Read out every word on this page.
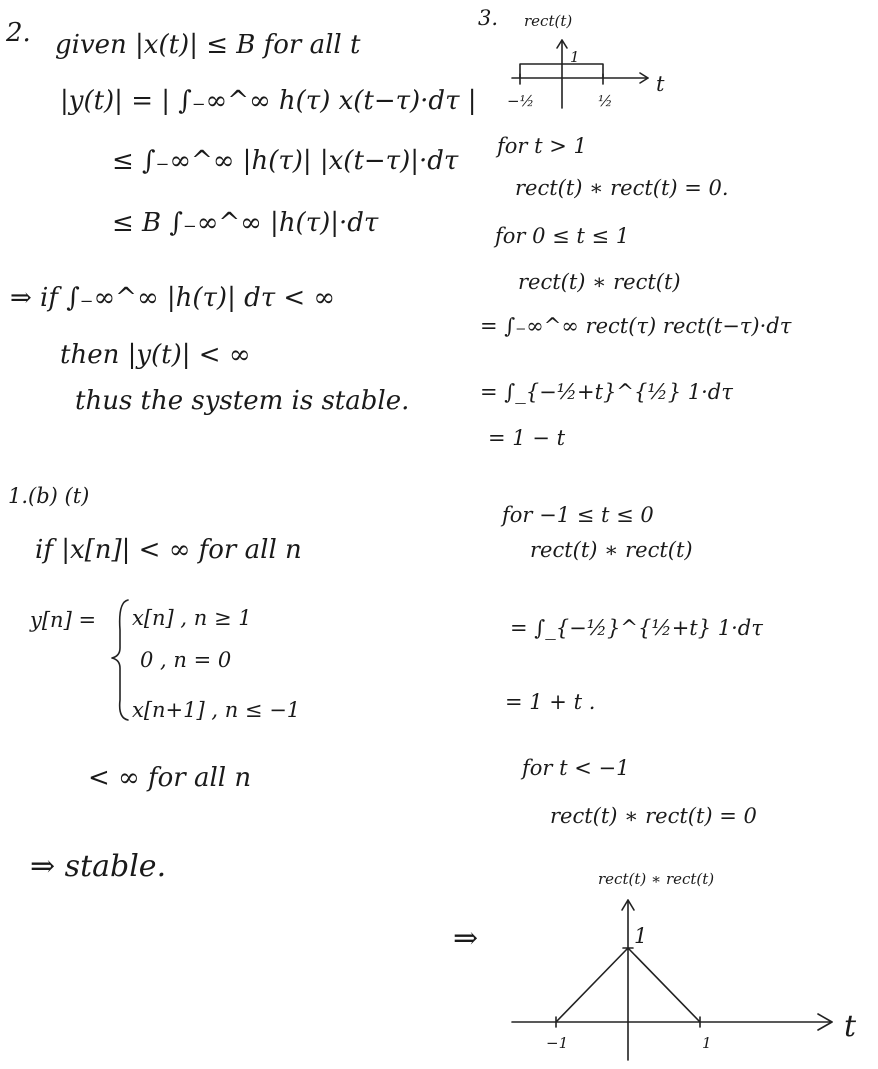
2. given |x(t)| ≤ B for all t
|y(t)| = | ∫₋∞^∞ h(τ) x(t−τ)·dτ |
≤ ∫₋∞^∞ |h(τ)| |x(t−τ)|·dτ
≤ B ∫₋∞^∞ |h(τ)|·dτ
⇒ if ∫₋∞^∞ |h(τ)| dτ < ∞
then |y(t)| < ∞
thus the system is stable.
1.(b) (t)
if |x[n]| < ∞ for all n
y[n] = x[n] , n ≥ 1
0 , n = 0
x[n+1] , n ≤ −1
< ∞ for all n
⇒ stable.
3. rect(t)
1
t
−½	½
for t > 1
rect(t) ∗ rect(t) = 0.
for 0 ≤ t ≤ 1
rect(t) ∗ rect(t)
= ∫₋∞^∞ rect(τ) rect(t−τ)·dτ
= ∫_{−½+t}^{½} 1·dτ
= 1 − t
for −1 ≤ t ≤ 0
rect(t) ∗ rect(t)
= ∫_{−½}^{½+t} 1·dτ
= 1 + t .
for t < −1
rect(t) ∗ rect(t) = 0
⇒
rect(t) ∗ rect(t)
1
t
−1	1
